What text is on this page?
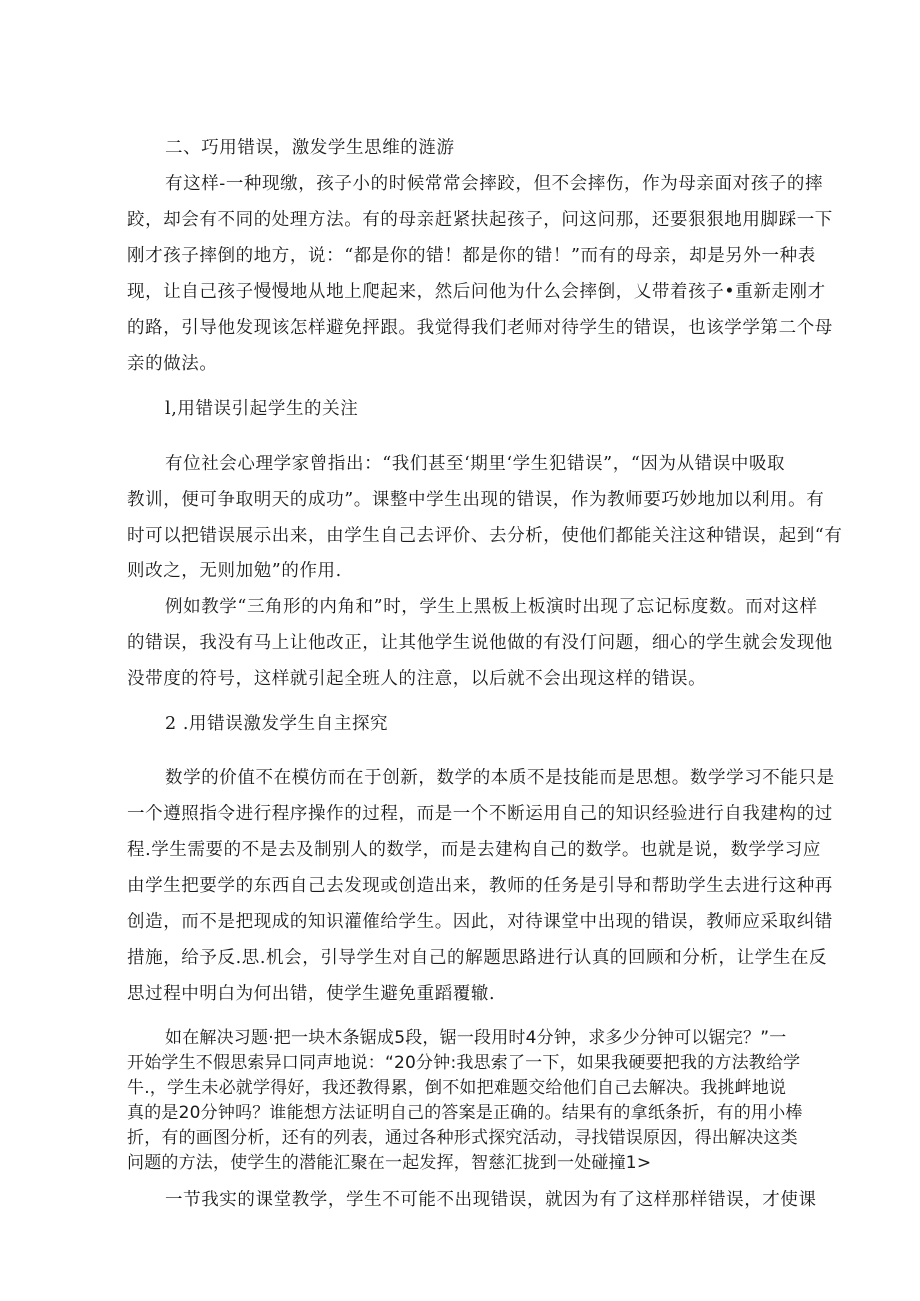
二、巧用错误，激发学生思维的涟游
有这样-一种现缴，孩子小的时候常常会摔跤，但不会摔伤，作为母亲面对孩子的摔
跤，却会有不同的处理方法。有的母亲赶紧扶起孩子，问这问那，还要狠狠地用脚踩一下
刚才孩子摔倒的地方，说：“都是你的错！都是你的错！”而有的母亲，却是另外一种表
现，让自己孩子慢慢地从地上爬起来，然后问他为什么会摔倒，乂带着孩子•重新走刚才
的路，引导他发现该怎样避免抨跟。我觉得我们老师对待学生的错误，也该学学第二个母
亲的做法。
l,用错误引起学生的关注
有位社会心理学家曾指出：“我们甚至‘期里‘学生犯错误”，“因为从错误中吸取
教训，便可争取明天的成功”。课整中学生出现的错误，作为教师要巧妙地加以利用。有
时可以把错误展示出来，由学生自己去评价、去分析，使他们都能关注这种错误，起到“有
则改之，无则加勉”的作用.
例如教学“三角形的内角和”时，学生上黑板上板演时出现了忘记标度数。而对这样
的错误，我没有马上让他改正，让其他学生说他做的有没仃问题，细心的学生就会发现他
没带度的符号，这样就引起全班人的注意，以后就不会出现这样的错误。
2 .用错误激发学生自主探究
数学的价值不在模仿而在于创新，数学的本质不是技能而是思想。数学学习不能只是
一个遵照指令进行程序操作的过程，而是一个不断运用自己的知识经验进行自我建构的过
程.学生需要的不是去及制别人的数学，而是去建构自己的数学。也就是说，数学学习应
由学生把要学的东西自己去发现或创造出来，教师的任务是引导和帮助学生去进行这种再
创造，而不是把现成的知识灌傕给学生。因此，对待课堂中出现的错误，教师应采取纠错
措施，给予反.思.机会，引导学生对自己的解题思路进行认真的回顾和分析，让学生在反
思过程中明白为何出错，使学生避免重蹈覆辙.
如在解决习题·把一块木条锯成5段，锯一段用时4分钟，求多少分钟可以锯完？”一
开始学生不假思索异口同声地说：“20分钟:我思索了一下，如果我硬要把我的方法教给学
牛.，学生未必就学得好，我还教得累，倒不如把难题交给他们自己去解决。我挑衅地说
真的是20分钟吗？谁能想方法证明自己的答案是正确的。结果有的拿纸条折，有的用小棒
折，有的画图分析，还有的列表，通过各种形式探究活动，寻找错误原因，得出解决这类
问题的方法，使学生的潜能汇聚在一起发挥，智慈汇拢到一处碰撞1>
一节我实的课堂教学，学生不可能不出现错误，就因为有了这样那样错误，才使课
